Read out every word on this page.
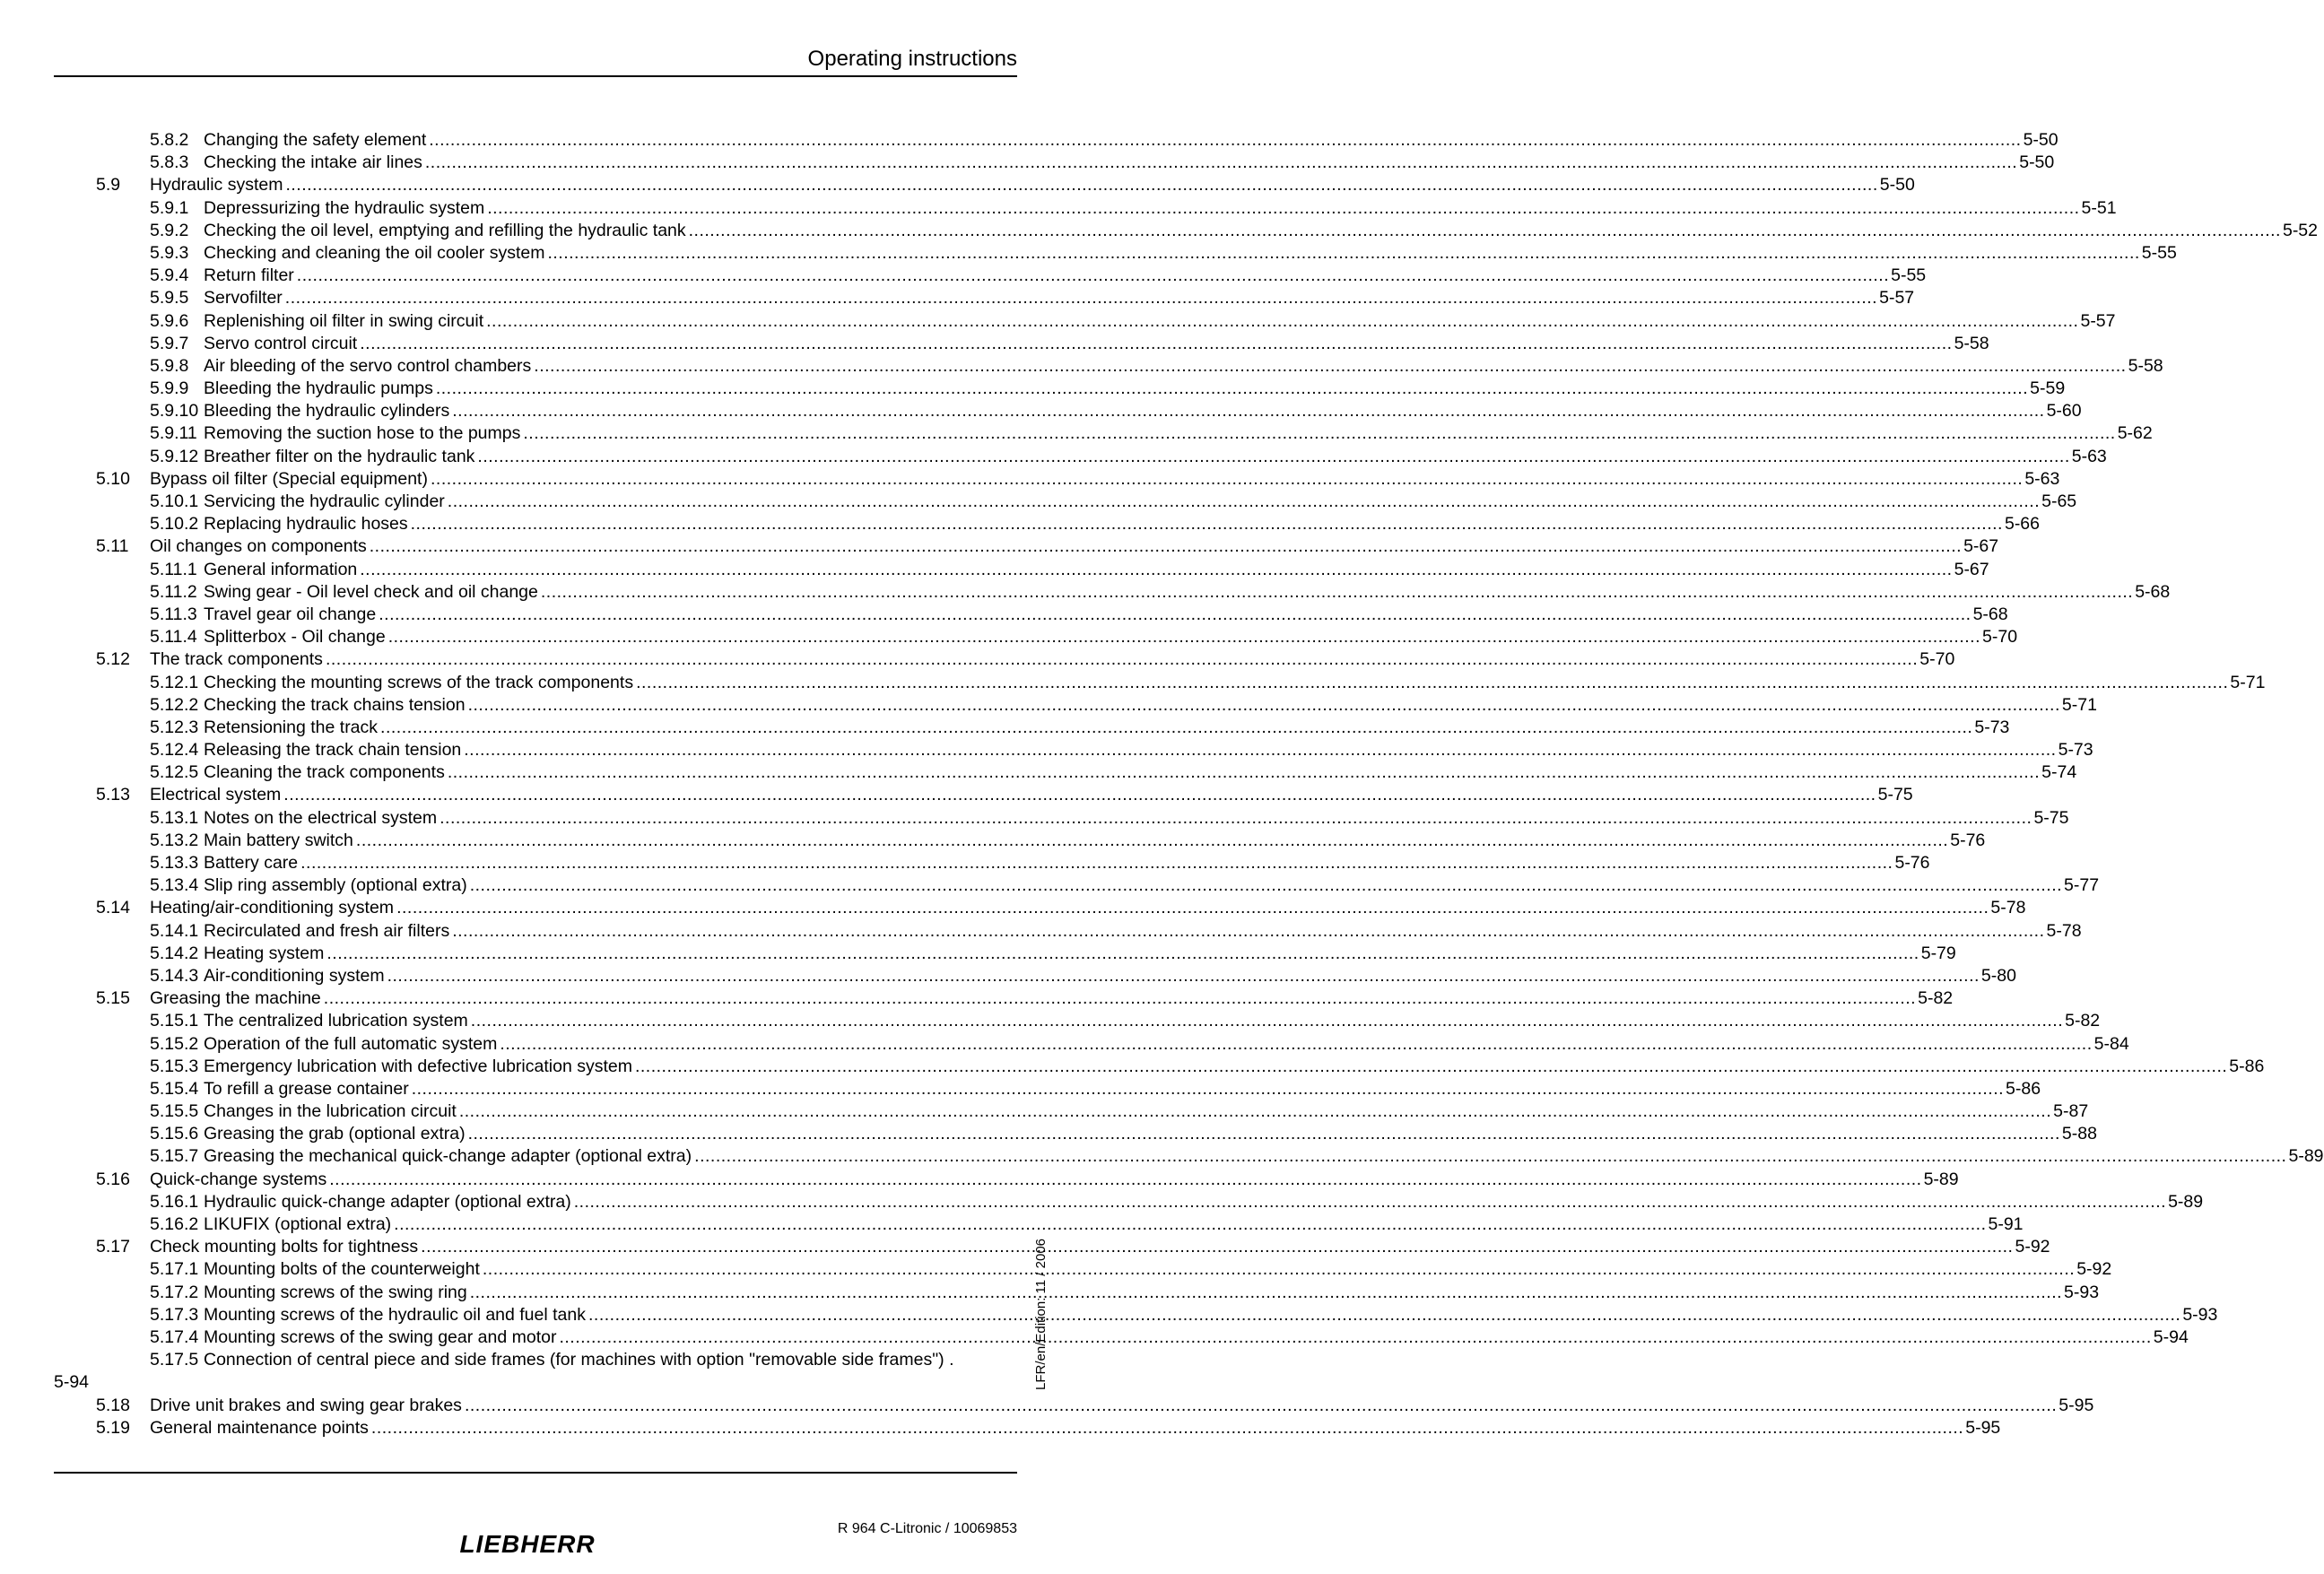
Operating instructions
5.8.2 Changing the safety element ............................................................................................................................................................................................................................................................................................................ 5-50
5.8.3 Checking the intake air lines ............................................................................................................................................................................................................................................................................................................ 5-50
5.9 Hydraulic system ............................................................................................................................................................................................................................................................................................................ 5-50
5.9.1 Depressurizing the hydraulic system ............................................................................................................................................................................................................................................................................................................ 5-51
5.9.2 Checking the oil level, emptying and refilling the hydraulic tank ............................................................................................................................................................................................................................................................................................................ 5-52
5.9.3 Checking and cleaning the oil cooler system ............................................................................................................................................................................................................................................................................................................ 5-55
5.9.4 Return filter ............................................................................................................................................................................................................................................................................................................ 5-55
5.9.5 Servofilter ............................................................................................................................................................................................................................................................................................................ 5-57
5.9.6 Replenishing oil filter in swing circuit ............................................................................................................................................................................................................................................................................................................ 5-57
5.9.7 Servo control circuit ............................................................................................................................................................................................................................................................................................................ 5-58
5.9.8 Air bleeding of the servo control chambers ............................................................................................................................................................................................................................................................................................................ 5-58
5.9.9 Bleeding the hydraulic pumps ............................................................................................................................................................................................................................................................................................................ 5-59
5.9.10 Bleeding the hydraulic cylinders ............................................................................................................................................................................................................................................................................................................ 5-60
5.9.11 Removing the suction hose to the pumps ............................................................................................................................................................................................................................................................................................................ 5-62
5.9.12 Breather filter on the hydraulic tank ............................................................................................................................................................................................................................................................................................................ 5-63
5.10 Bypass oil filter (Special equipment) ............................................................................................................................................................................................................................................................................................................ 5-63
5.10.1 Servicing the hydraulic cylinder ............................................................................................................................................................................................................................................................................................................ 5-65
5.10.2 Replacing hydraulic hoses ............................................................................................................................................................................................................................................................................................................ 5-66
5.11 Oil changes on components ............................................................................................................................................................................................................................................................................................................ 5-67
5.11.1 General information ............................................................................................................................................................................................................................................................................................................ 5-67
5.11.2 Swing gear - Oil level check and oil change ............................................................................................................................................................................................................................................................................................................ 5-68
5.11.3 Travel gear oil change ............................................................................................................................................................................................................................................................................................................ 5-68
5.11.4 Splitterbox - Oil change ............................................................................................................................................................................................................................................................................................................ 5-70
5.12 The track components ............................................................................................................................................................................................................................................................................................................ 5-70
5.12.1 Checking the mounting screws of the track components ............................................................................................................................................................................................................................................................................................................ 5-71
5.12.2 Checking the track chains tension ............................................................................................................................................................................................................................................................................................................ 5-71
5.12.3 Retensioning the track ............................................................................................................................................................................................................................................................................................................ 5-73
5.12.4 Releasing the track chain tension ............................................................................................................................................................................................................................................................................................................ 5-73
5.12.5 Cleaning the track components ............................................................................................................................................................................................................................................................................................................ 5-74
5.13 Electrical system ............................................................................................................................................................................................................................................................................................................ 5-75
5.13.1 Notes on the electrical system ............................................................................................................................................................................................................................................................................................................ 5-75
5.13.2 Main battery switch ............................................................................................................................................................................................................................................................................................................ 5-76
5.13.3 Battery care ............................................................................................................................................................................................................................................................................................................ 5-76
5.13.4 Slip ring assembly (optional extra) ............................................................................................................................................................................................................................................................................................................ 5-77
5.14 Heating/air-conditioning system ............................................................................................................................................................................................................................................................................................................ 5-78
5.14.1 Recirculated and fresh air filters ............................................................................................................................................................................................................................................................................................................ 5-78
5.14.2 Heating system ............................................................................................................................................................................................................................................................................................................ 5-79
5.14.3 Air-conditioning system ............................................................................................................................................................................................................................................................................................................ 5-80
5.15 Greasing the machine ............................................................................................................................................................................................................................................................................................................ 5-82
5.15.1 The centralized lubrication system ............................................................................................................................................................................................................................................................................................................ 5-82
5.15.2 Operation of the full automatic system ............................................................................................................................................................................................................................................................................................................ 5-84
5.15.3 Emergency lubrication with defective lubrication system ............................................................................................................................................................................................................................................................................................................ 5-86
5.15.4 To refill a grease container ............................................................................................................................................................................................................................................................................................................ 5-86
5.15.5 Changes in the lubrication circuit ............................................................................................................................................................................................................................................................................................................ 5-87
5.15.6 Greasing the grab (optional extra) ............................................................................................................................................................................................................................................................................................................ 5-88
5.15.7 Greasing the mechanical quick-change adapter (optional extra) ............................................................................................................................................................................................................................................................................................................ 5-89
5.16 Quick-change systems ............................................................................................................................................................................................................................................................................................................ 5-89
5.16.1 Hydraulic quick-change adapter (optional extra) ............................................................................................................................................................................................................................................................................................................ 5-89
5.16.2 LIKUFIX (optional extra) ............................................................................................................................................................................................................................................................................................................ 5-91
5.17 Check mounting bolts for tightness ............................................................................................................................................................................................................................................................................................................ 5-92
5.17.1 Mounting bolts of the counterweight ............................................................................................................................................................................................................................................................................................................ 5-92
5.17.2 Mounting screws of the swing ring ............................................................................................................................................................................................................................................................................................................ 5-93
5.17.3 Mounting screws of the hydraulic oil and fuel tank ............................................................................................................................................................................................................................................................................................................ 5-93
5.17.4 Mounting screws of the swing gear and motor ............................................................................................................................................................................................................................................................................................................ 5-94
5.17.5 Connection of central piece and side frames (for machines with option "removable side frames") .
5.18 Drive unit brakes and swing gear brakes ............................................................................................................................................................................................................................................................................................................ 5-95
5.19 General maintenance points ............................................................................................................................................................................................................................................................................................................ 5-95
5-94	LFR/en/Edition: 11 / 2006
R 964 C-Litronic / 10069853
LIEBHERR
